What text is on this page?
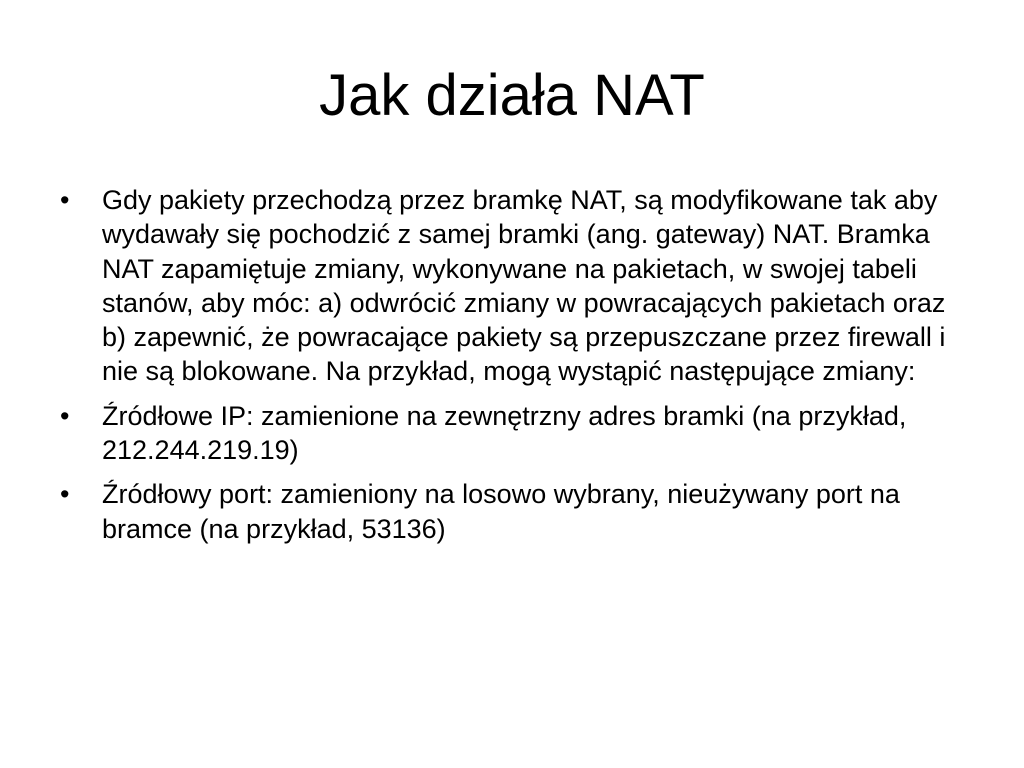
Jak działa NAT
•	Gdy pakiety przechodzą przez bramkę NAT, są modyfikowane tak aby wydawały się pochodzić z samej bramki (ang. gateway) NAT. Bramka NAT zapamiętuje zmiany, wykonywane na pakietach, w swojej tabeli stanów, aby móc: a) odwrócić zmiany w powracających pakietach oraz b) zapewnić, że powracające pakiety są przepuszczane przez firewall i nie są blokowane. Na przykład, mogą wystąpić następujące zmiany:
•	Źródłowe IP: zamienione na zewnętrzny adres bramki (na przykład, 212.244.219.19)
•	Źródłowy port: zamieniony na losowo wybrany, nieużywany port na bramce (na przykład, 53136)
